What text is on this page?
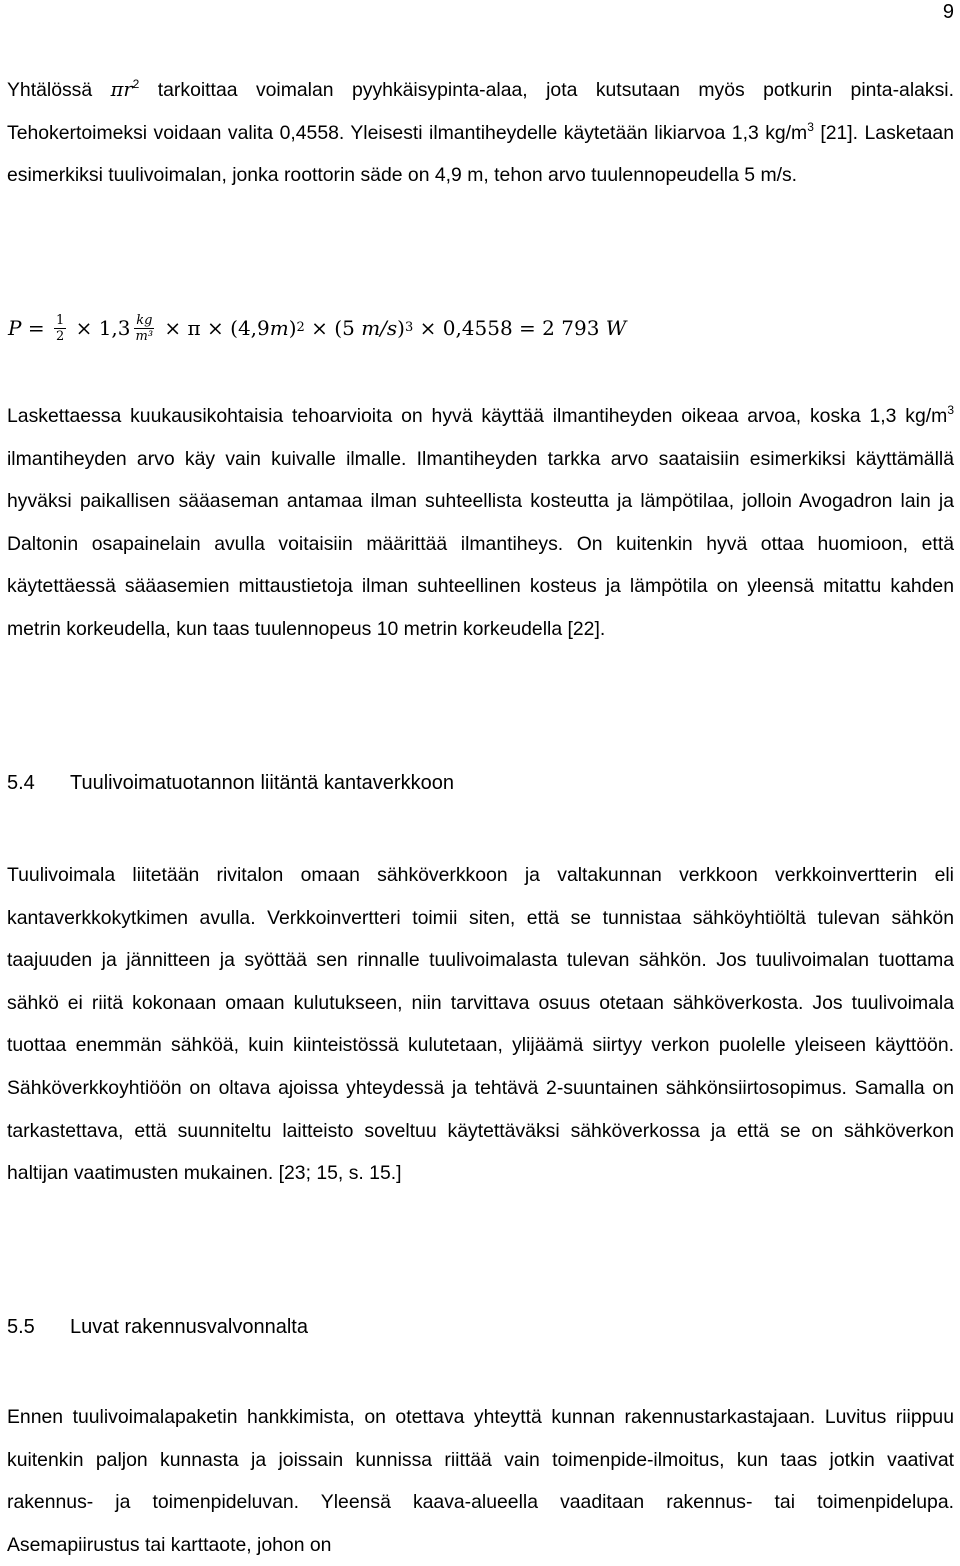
9

Yhtälössä $\pi r^2$ tarkoittaa voimalan pyyhkäisypinta-alaa, jota kutsutaan myös potkurin pinta-alaksi. Tehokertoimeksi voidaan valita 0,4558. Yleisesti ilmantiheydelle käytetään likiarvoa 1,3 $kg/m^3$ [21]. Lasketaan esimerkiksi tuulivoimalan, jonka roottorin säde on 4,9 m, tehon arvo tuulennopeudella 5 m/s.

$P = \frac{1}{2} \times 1,3 \frac{kg}{\text{m³}} \times \pi \times (4,9$ m ) 2 × (5 m/s ) 3 × 0,4558 = 2 793 W

Laskettaessa kuukausikohtaisia tehoarvioita on hyvä käyttää ilmantiheyden oikeaa arvoa, koska 1,3 $kg/m^3$ ilmantiheyden arvo käy vain kuivalle ilmalle. Ilmantiheyden tarkka arvo saataisiin esimerkiksi käyttämällä hyväksi paikallisen sääaseman antamaa ilman suhteellista kosteutta ja lämpötilaa, jolloin Avogadron lain ja Daltonin osapainelain avulla voitaisiin määrittää ilmantiheys. On kuitenkin hyvä ottaa huomioon, että käytettäessä sääasemien mittaustietoja ilman suhteellinen kosteus ja lämpötila on yleensä mitattu kahden metrin korkeudella, kun taas tuulennopeus 10 metrin korkeudella [22].

5.4 Tuulivoimatuotannon liitäntä kantaverkkoon

Tuulivoimala liitetään rivitalon omaan sähköverkkoon ja valtakunnan verkkoon verkkoinvertterin eli kantaverkkokytkimen avulla. Verkkoinvertteri toimii siten, että se tunnistaa sähköyhtiöltä tulevan sähkön taajuuden ja jännitteen ja syöttää sen rinnalle tuulivoimalasta tulevan sähkön. Jos tuulivoimalan tuottama sähkö ei riitä kokonaan omaan kulutukseen, niin tarvittava osuus otetaan sähköverkosta. Jos tuulivoimala tuottaa enemmän sähköä, kuin kiinteistössä kulutetaan, ylijäämä siirtyy verkon puolelle yleiseen käyttöön. Sähköverkkoyhtiöön on oltava ajoissa yhteydessä ja tehtävä 2-suuntainen sähkönsiirtosopimus. Samalla on tarkastettava, että suunniteltu laitteisto soveltuu käytettäväksi sähköverkossa ja että se on sähköverkon haltijan vaatimusten mukainen. [23; 15, s. 15.]

5.5 Luvat rakennusvalvonnalta

Ennen tuulivoimalapaketin hankkimista, on otettava yhteyttä kunnan rakennustarkastajaan. Luvitus riippuu kuitenkin paljon kunnasta ja joissain kunnissa riittää vain toimenpide-ilmoitus, kun taas jotkin vaativat rakennus- ja toimenpideluvan. Yleensä kaava-alueella vaaditaan rakennus- tai toimenpidelupa. Asemapiirustus tai karttaote, johon on
